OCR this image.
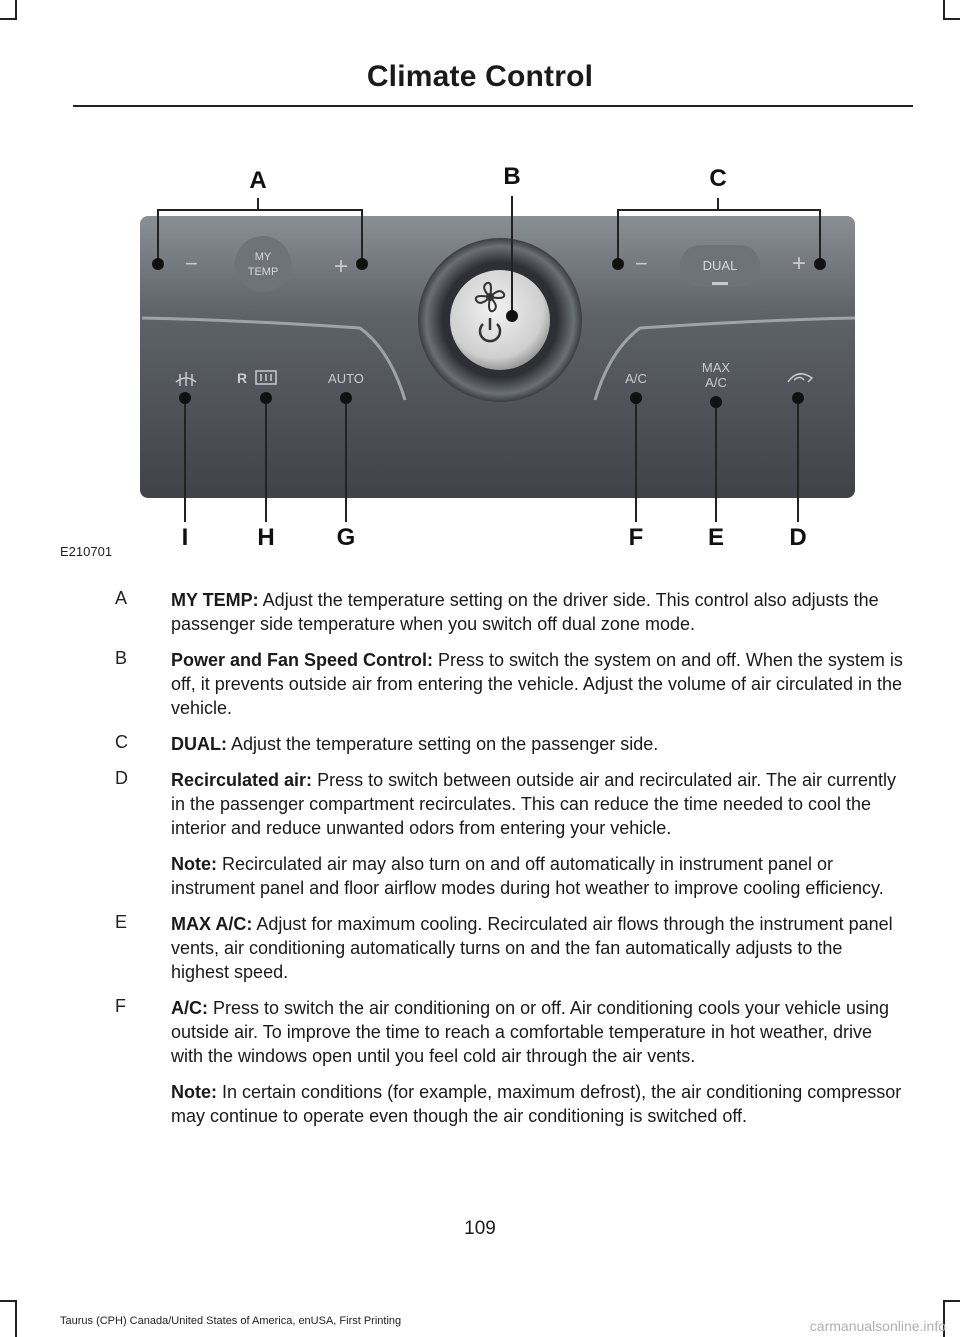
Climate Control
−	MY
TEMP +	−	DUAL +
R	AUTO	A/C
MAX
A/C
A	B	C
I	H	G	F	E	D
E210701
A MY TEMP: Adjust the temperature setting on the driver side. This control also adjusts the passenger side temperature when you switch off dual zone mode.
B Power and Fan Speed Control: Press to switch the system on and off. When the system is off, it prevents outside air from entering the vehicle. Adjust the volume of air circulated in the vehicle.
C DUAL: Adjust the temperature setting on the passenger side.
D Recirculated air: Press to switch between outside air and recirculated air. The air currently in the passenger compartment recirculates. This can reduce the time needed to cool the interior and reduce unwanted odors from entering your vehicle.
Note: Recirculated air may also turn on and off automatically in instrument panel or instrument panel and floor airflow modes during hot weather to improve cooling efficiency.
E MAX A/C: Adjust for maximum cooling. Recirculated air flows through the instrument panel vents, air conditioning automatically turns on and the fan automatically adjusts to the highest speed.
F	A/C: Press to switch the air conditioning on or off. Air conditioning cools your vehicle using outside air. To improve the time to reach a comfortable temperature in hot weather, drive with the windows open until you feel cold air through the air vents.
Note: In certain conditions (for example, maximum defrost), the air conditioning compressor may continue to operate even though the air conditioning is switched off.
109
Taurus (CPH) Canada/United States of America, enUSA, First Printing	carmanualsonline.info
